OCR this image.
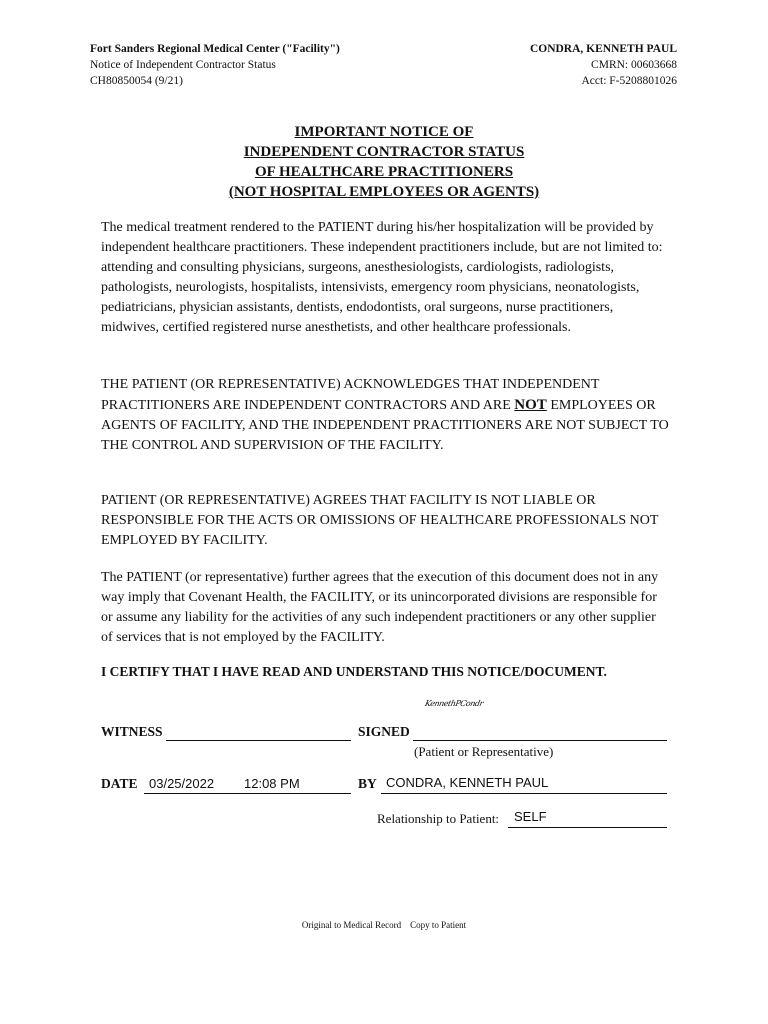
Fort Sanders Regional Medical Center ("Facility")
Notice of Independent Contractor Status
CH80850054 (9/21)
CONDRA, KENNETH PAUL
CMRN: 00603668
Acct: F-5208801026
IMPORTANT NOTICE OF
INDEPENDENT CONTRACTOR STATUS
OF HEALTHCARE PRACTITIONERS
(NOT HOSPITAL EMPLOYEES OR AGENTS)
The medical treatment rendered to the PATIENT during his/her hospitalization will be provided by independent healthcare practitioners. These independent practitioners include, but are not limited to: attending and consulting physicians, surgeons, anesthesiologists, cardiologists, radiologists, pathologists, neurologists, hospitalists, intensivists, emergency room physicians, neonatologists, pediatricians, physician assistants, dentists, endodontists, oral surgeons, nurse practitioners, midwives, certified registered nurse anesthetists, and other healthcare professionals.
THE PATIENT (OR REPRESENTATIVE) ACKNOWLEDGES THAT INDEPENDENT PRACTITIONERS ARE INDEPENDENT CONTRACTORS AND ARE NOT EMPLOYEES OR AGENTS OF FACILITY, AND THE INDEPENDENT PRACTITIONERS ARE NOT SUBJECT TO THE CONTROL AND SUPERVISION OF THE FACILITY.
PATIENT (OR REPRESENTATIVE) AGREES THAT FACILITY IS NOT LIABLE OR RESPONSIBLE FOR THE ACTS OR OMISSIONS OF HEALTHCARE PROFESSIONALS NOT EMPLOYED BY FACILITY.
The PATIENT (or representative) further agrees that the execution of this document does not in any way imply that Covenant Health, the FACILITY, or its unincorporated divisions are responsible for or assume any liability for the activities of any such independent practitioners or any other supplier of services that is not employed by the FACILITY.
I CERTIFY THAT I HAVE READ AND UNDERSTAND THIS NOTICE/DOCUMENT.
KennethPCondr
WITNESS	SIGNED
(Patient or Representative)
DATE 03/25/2022 12:08 PM	BY CONDRA, KENNETH PAUL
Relationship to Patient: SELF
Original to Medical Record Copy to Patient
